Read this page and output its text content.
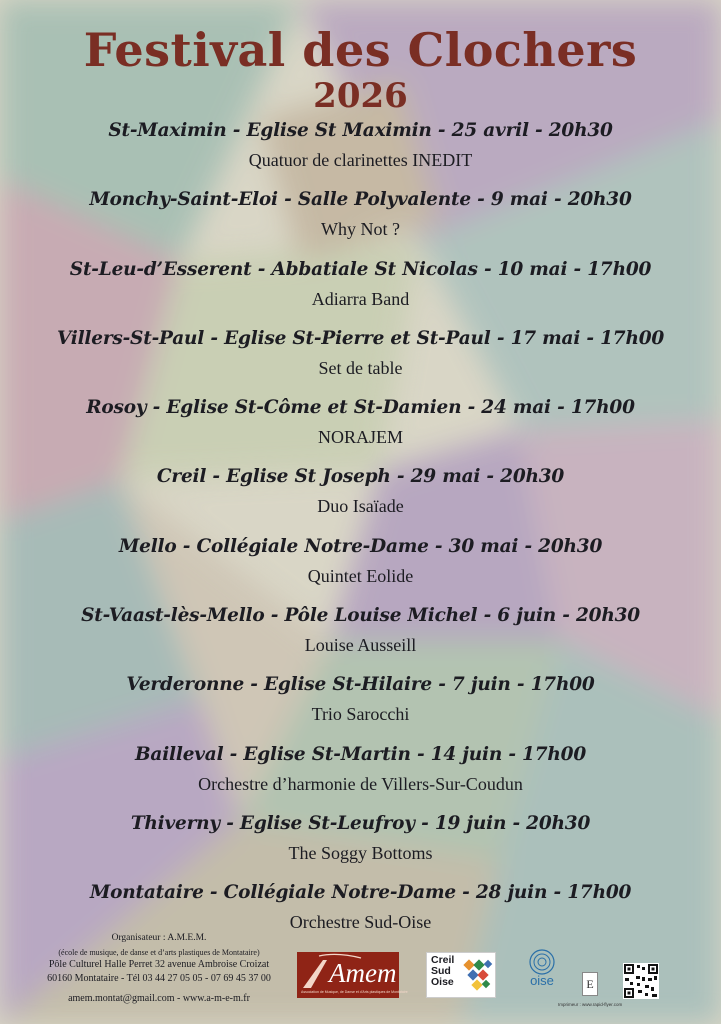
Festival des Clochers
2026
St-Maximin - Eglise St Maximin - 25 avril - 20h30
Quatuor de clarinettes INEDIT
Monchy-Saint-Eloi - Salle Polyvalente - 9 mai - 20h30
Why Not ?
St-Leu-d’Esserent - Abbatiale St Nicolas - 10 mai - 17h00
Adiarra Band
Villers-St-Paul - Eglise St-Pierre et St-Paul - 17 mai - 17h00
Set de table
Rosoy - Eglise St-Côme et St-Damien - 24 mai - 17h00
NORAJEM
Creil - Eglise St Joseph - 29 mai - 20h30
Duo Isaïade
Mello - Collégiale Notre-Dame - 30 mai - 20h30
Quintet Eolide
St-Vaast-lès-Mello - Pôle Louise Michel - 6 juin - 20h30
Louise Ausseill
Verderonne - Eglise St-Hilaire - 7 juin - 17h00
Trio Sarocchi
Bailleval - Eglise St-Martin - 14 juin - 17h00
Orchestre d’harmonie de Villers-Sur-Coudun
Thiverny - Eglise St-Leufroy - 19 juin - 20h30
The Soggy Bottoms
Montataire - Collégiale Notre-Dame - 28 juin - 17h00
Orchestre Sud-Oise
Organisateur : A.M.E.M.
(école de musique, de danse et d’arts plastiques de Montataire)
Pôle Culturel Halle Perret 32 avenue Ambroise Croizat
60160 Montataire - Tél 03 44 27 05 05 - 07 69 45 37 00
amem.montat@gmail.com - www.a-m-e-m.fr
Amem
Association de Musique, de Danse et d'Arts plastiques de Montataire
Creil
Sud
Oise	oise	E
Imprimeur : www.rapid-flyer.com
